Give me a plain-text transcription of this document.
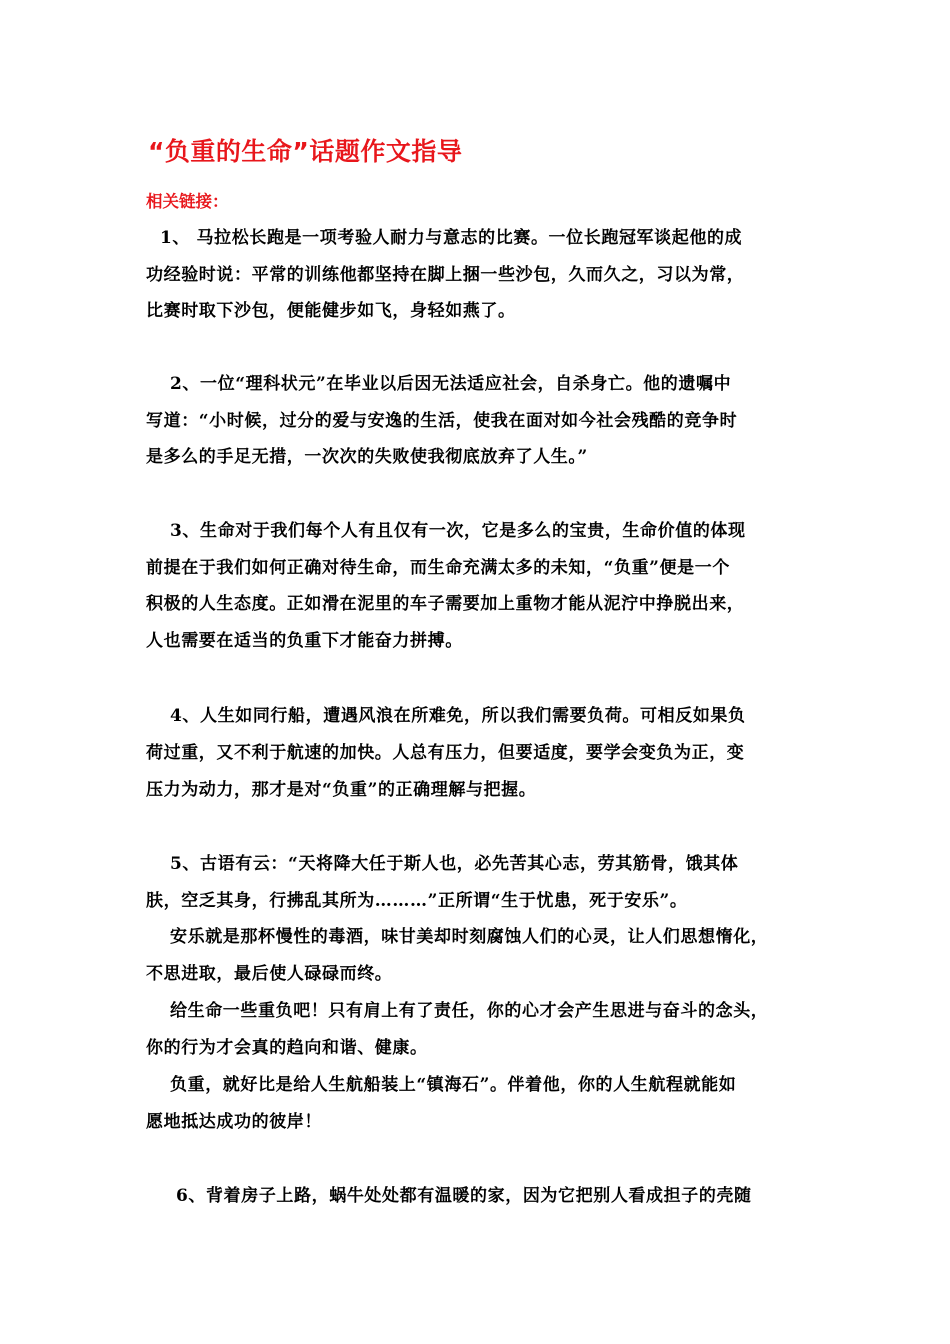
“负重的生命”话题作文指导
相关链接：
1、 马拉松长跑是一项考验人耐力与意志的比赛。一位长跑冠军谈起他的成
功经验时说：平常的训练他都坚持在脚上捆一些沙包，久而久之，习以为常，
比赛时取下沙包，便能健步如飞，身轻如燕了。
2、一位“理科状元”在毕业以后因无法适应社会，自杀身亡。他的遗嘱中
写道：“小时候，过分的爱与安逸的生活，使我在面对如今社会残酷的竞争时
是多么的手足无措，一次次的失败使我彻底放弃了人生。”
3、生命对于我们每个人有且仅有一次，它是多么的宝贵，生命价值的体现
前提在于我们如何正确对待生命，而生命充满太多的未知，“负重”便是一个
积极的人生态度。正如滑在泥里的车子需要加上重物才能从泥泞中挣脱出来，
人也需要在适当的负重下才能奋力拼搏。
4、人生如同行船，遭遇风浪在所难免，所以我们需要负荷。可相反如果负
荷过重，又不利于航速的加快。人总有压力，但要适度，要学会变负为正，变
压力为动力，那才是对“负重”的正确理解与把握。
5、古语有云：“天将降大任于斯人也，必先苦其心志，劳其筋骨，饿其体
肤，空乏其身，行拂乱其所为………”正所谓“生于忧患，死于安乐”。
安乐就是那杯慢性的毒酒，味甘美却时刻腐蚀人们的心灵，让人们思想惰化，
不思进取，最后使人碌碌而终。
给生命一些重负吧！只有肩上有了责任，你的心才会产生思进与奋斗的念头，
你的行为才会真的趋向和谐、健康。
负重，就好比是给人生航船装上“镇海石”。伴着他，你的人生航程就能如
愿地抵达成功的彼岸！
6、背着房子上路，蜗牛处处都有温暖的家，因为它把别人看成担子的壳随
